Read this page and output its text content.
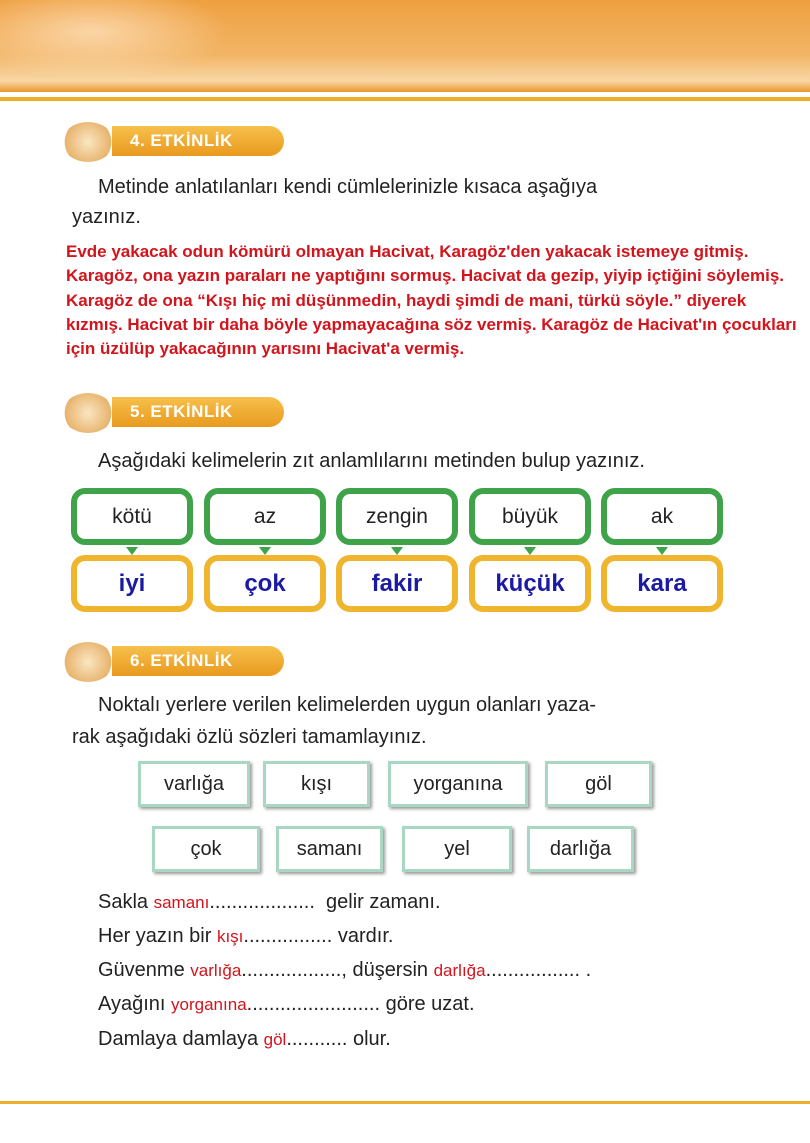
4. ETKİNLİK
Metinde anlatılanları kendi cümlelerinizle kısaca aşağıya
yazınız.
Evde yakacak odun kömürü olmayan Hacivat, Karagöz'den yakacak istemeye gitmiş. Karagöz, ona yazın paraları ne yaptığını sormuş. Hacivat da gezip, yiyip içtiğini söylemiş. Karagöz de ona “Kışı hiç mi düşünmedin, haydi şimdi de mani, türkü söyle.” diyerek kızmış. Hacivat bir daha böyle yapmayacağına söz vermiş. Karagöz de Hacivat'ın çocukları için üzülüp yakacağının yarısını Hacivat'a vermiş.
5. ETKİNLİK
Aşağıdaki kelimelerin zıt anlamlılarını metinden bulup yazınız.
kötü	az	zengin	büyük	ak
iyi	çok	fakir	küçük	kara
6. ETKİNLİK
Noktalı yerlere verilen kelimelerden uygun olanları yaza-
rak aşağıdaki özlü sözleri tamamlayınız.
varlığa	kışı	yorganına	göl
çok	samanı	yel	darlığa
Sakla samanı...................  gelir zamanı.
Her yazın bir kışı................ vardır.
Güvenme varlığa.................., düşersin darlığa................. .
Ayağını yorganına........................ göre uzat.
Damlaya damlaya göl........... olur.
